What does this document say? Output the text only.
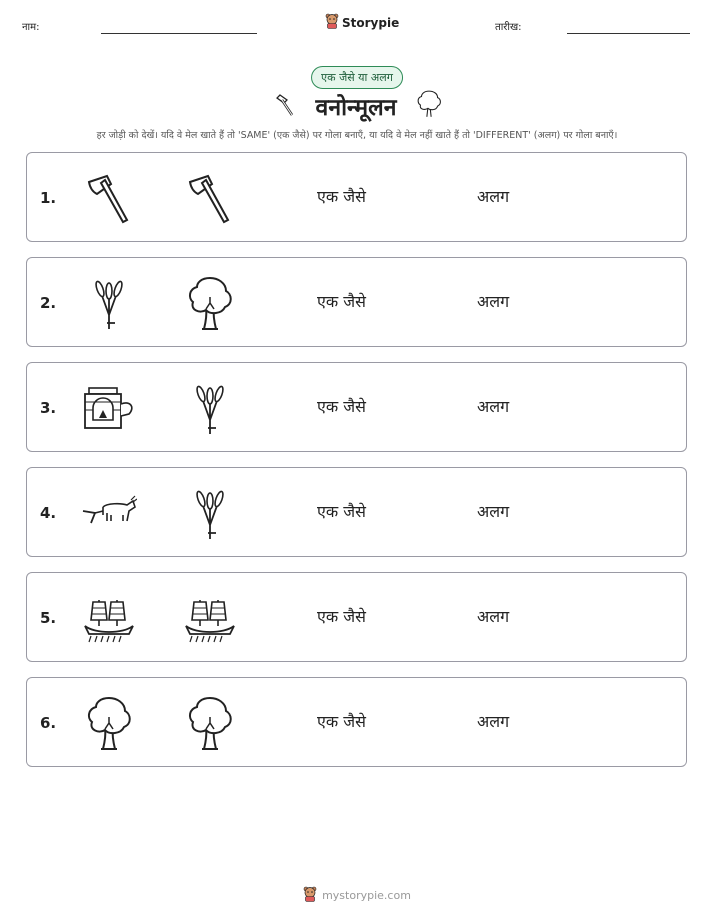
नाम:	Storypie	तारीख:
एक जैसे या अलग
वनोन्मूलन
हर जोड़ी को देखें। यदि वे मेल खाते हैं तो 'SAME' (एक जैसे) पर गोला बनाएँ, या यदि वे मेल नहीं खाते हैं तो 'DIFFERENT' (अलग) पर गोला बनाएँ।
1.	एक जैसे	अलग
2.	एक जैसे	अलग
3.	एक जैसे	अलग
4.	एक जैसे	अलग
5.	एक जैसे	अलग
6.	एक जैसे	अलग
mystorypie.com
